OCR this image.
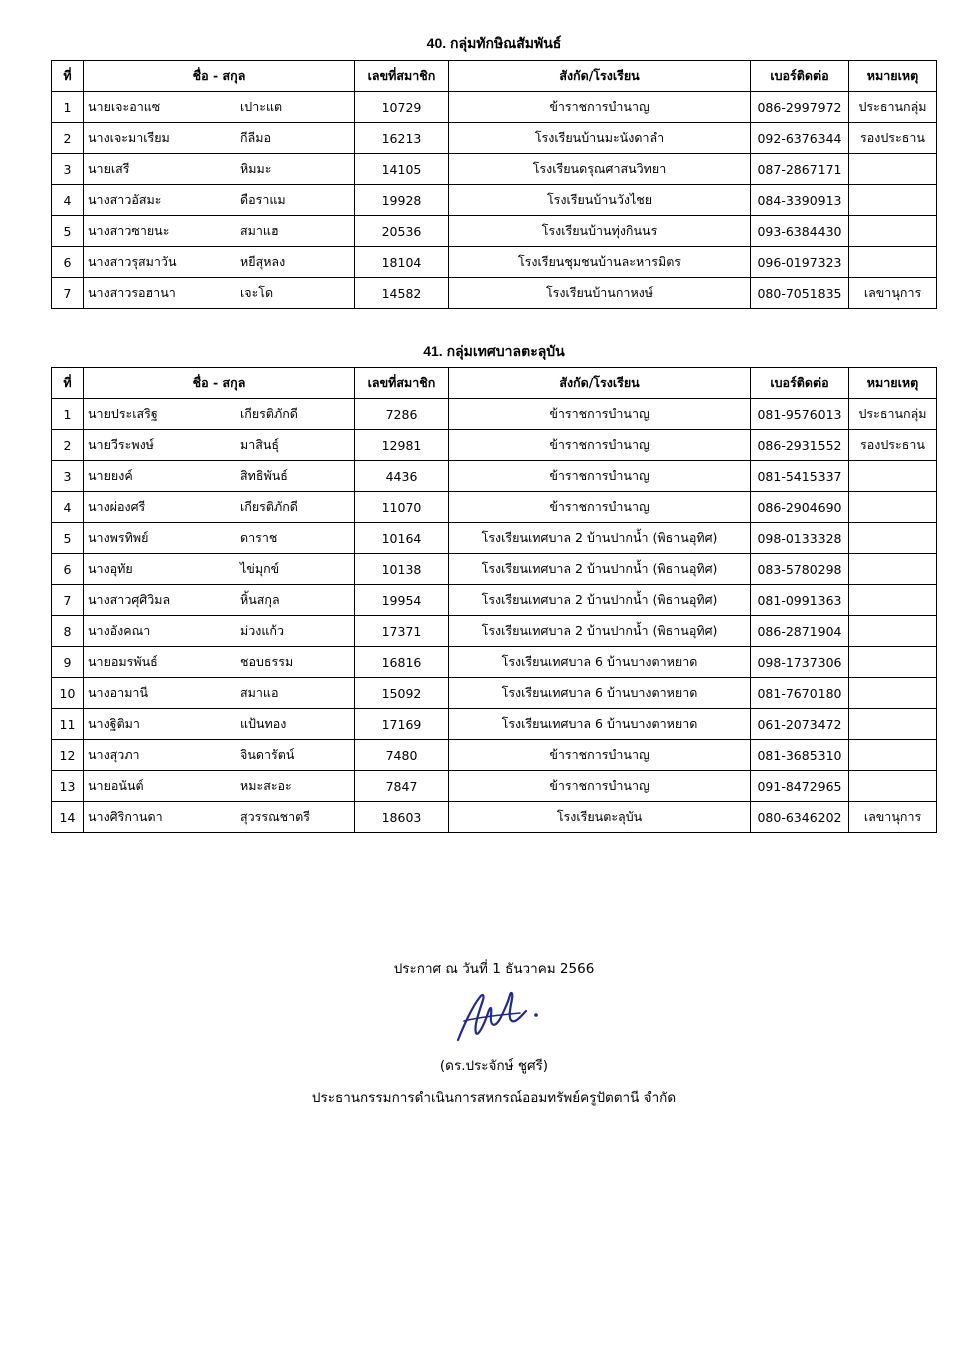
40. กลุ่มทักษิณสัมพันธ์
ที่	ชื่อ - สกุล	เลขที่สมาชิก	สังกัด/โรงเรียน	เบอร์ติดต่อ	หมายเหตุ
1	นายเจะอาแซ เปาะแต	10729	ข้าราชการบำนาญ	086-2997972	ประธานกลุ่ม
2	นางเจะมาเรียม กีลีมอ	16213	โรงเรียนบ้านมะนังดาลำ	092-6376344	รองประธาน
3	นายเสรี หิมมะ	14105	โรงเรียนดรุณศาสนวิทยา	087-2867171	
4	นางสาวอัสมะ ดือราแม	19928	โรงเรียนบ้านวังไชย	084-3390913	
5	นางสาวซายนะ สมาแฮ	20536	โรงเรียนบ้านทุ่งกินนร	093-6384430	
6	นางสาวรุสมาวัน หยีสุหลง	18104	โรงเรียนชุมชนบ้านละหารมิตร	096-0197323	
7	นางสาวรอฮานา เจะโด	14582	โรงเรียนบ้านกาหงษ์	080-7051835	เลขานุการ
41. กลุ่มเทศบาลตะลุบัน
ที่	ชื่อ - สกุล	เลขที่สมาชิก	สังกัด/โรงเรียน	เบอร์ติดต่อ	หมายเหตุ
1	นายประเสริฐ เกียรติภักดี	7286	ข้าราชการบำนาญ	081-9576013	ประธานกลุ่ม
2	นายวีระพงษ์ มาสินธุ์	12981	ข้าราชการบำนาญ	086-2931552	รองประธาน
3	นายยงค์ สิทธิพันธ์	4436	ข้าราชการบำนาญ	081-5415337	
4	นางผ่องศรี เกียรติภักดี	11070	ข้าราชการบำนาญ	086-2904690	
5	นางพรทิพย์ ดาราช	10164	โรงเรียนเทศบาล 2 บ้านปากน้ำ (พิธานอุทิศ)	098-0133328	
6	นางอุทัย ไข่มุกข์	10138	โรงเรียนเทศบาล 2 บ้านปากน้ำ (พิธานอุทิศ)	083-5780298	
7	นางสาวศุศิวิมล หิ้นสกุล	19954	โรงเรียนเทศบาล 2 บ้านปากน้ำ (พิธานอุทิศ)	081-0991363	
8	นางอังคณา ม่วงแก้ว	17371	โรงเรียนเทศบาล 2 บ้านปากน้ำ (พิธานอุทิศ)	086-2871904	
9	นายอมรพันธ์ ชอบธรรม	16816	โรงเรียนเทศบาล 6 บ้านบางตาหยาด	098-1737306	
10	นางอามานี สมาแอ	15092	โรงเรียนเทศบาล 6 บ้านบางตาหยาด	081-7670180	
11	นางฐิติมา แป้นทอง	17169	โรงเรียนเทศบาล 6 บ้านบางตาหยาด	061-2073472	
12	นางสุวภา จินดารัตน์	7480	ข้าราชการบำนาญ	081-3685310	
13	นายอนันต์ หมะสะอะ	7847	ข้าราชการบำนาญ	091-8472965	
14	นางศิริกานดา สุวรรณชาตรี	18603	โรงเรียนตะลุบัน	080-6346202	เลขานุการ
ประกาศ ณ วันที่ 1 ธันวาคม 2566
(ดร.ประจักษ์ ชูศรี)
ประธานกรรมการดำเนินการสหกรณ์ออมทรัพย์ครูปัตตานี จำกัด
